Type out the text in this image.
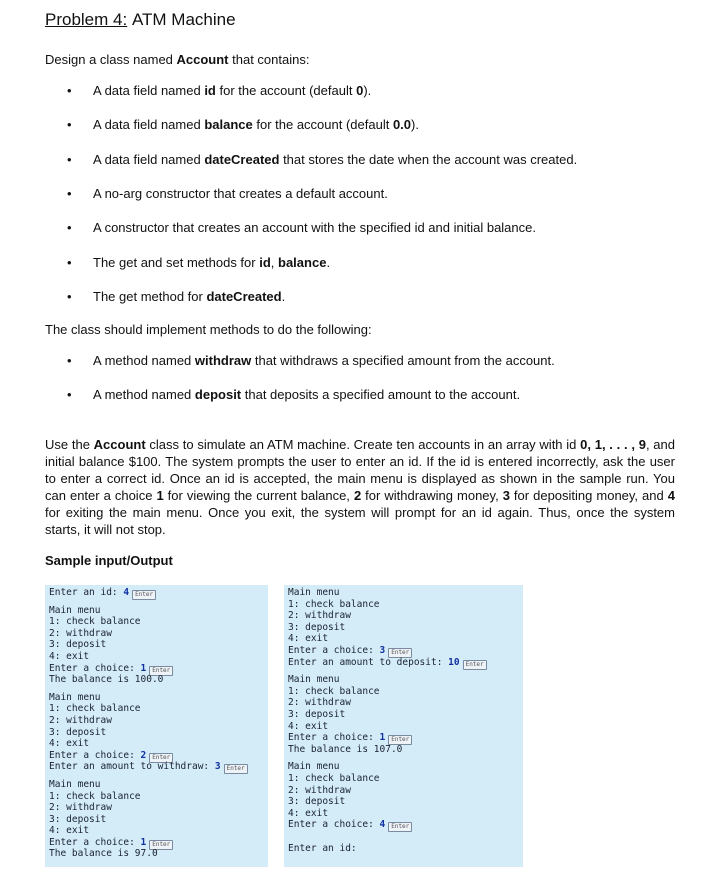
Problem 4: ATM Machine
Design a class named Account that contains:
• A data field named id for the account (default 0).
• A data field named balance for the account (default 0.0).
• A data field named dateCreated that stores the date when the account was created.
• A no-arg constructor that creates a default account.
• A constructor that creates an account with the specified id and initial balance.
• The get and set methods for id, balance.
• The get method for dateCreated.
The class should implement methods to do the following:
• A method named withdraw that withdraws a specified amount from the account.
• A method named deposit that deposits a specified amount to the account.
Use the Account class to simulate an ATM machine. Create ten accounts in an array with id 0, 1, . . . , 9, and initial balance $100. The system prompts the user to enter an id. If the id is entered incorrectly, ask the user to enter a correct id. Once an id is accepted, the main menu is displayed as shown in the sample run. You can enter a choice 1 for viewing the current balance, 2 for withdrawing money, 3 for depositing money, and 4 for exiting the main menu. Once you exit, the system will prompt for an id again. Thus, once the system starts, it will not stop.
Sample input/Output
Enter an id: 4 Enter
Main menu
1: check balance
2: withdraw
3: deposit
4: exit
Enter a choice: 1 Enter
The balance is 100.0
Main menu
1: check balance
2: withdraw
3: deposit
4: exit
Enter a choice: 2 Enter
Enter an amount to withdraw: 3 Enter
Main menu
1: check balance
2: withdraw
3: deposit
4: exit
Enter a choice: 1 Enter
The balance is 97.0
Main menu
1: check balance
2: withdraw
3: deposit
4: exit
Enter a choice: 3 Enter
Enter an amount to deposit: 10 Enter
Main menu
1: check balance
2: withdraw
3: deposit
4: exit
Enter a choice: 1 Enter
The balance is 107.0
Main menu
1: check balance
2: withdraw
3: deposit
4: exit
Enter a choice: 4 Enter
Enter an id:
